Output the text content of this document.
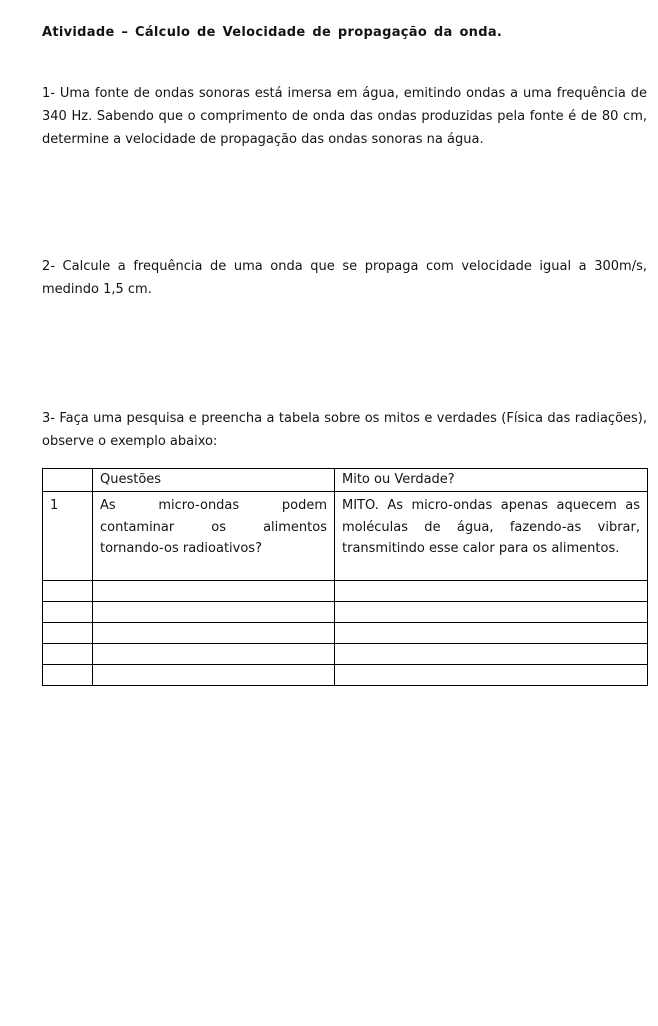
Atividade – Cálculo de Velocidade de propagação da onda.

1- Uma fonte de ondas sonoras está imersa em água, emitindo ondas a uma frequência de 340 Hz. Sabendo que o comprimento de onda das ondas produzidas pela fonte é de 80 cm, determine a velocidade de propagação das ondas sonoras na água.

2- Calcule a frequência de uma onda que se propaga com velocidade igual a 300m/s, medindo 1,5 cm.

3- Faça uma pesquisa e preencha a tabela sobre os mitos e verdades (Física das radiações), observe o exemplo abaixo:

	Questões	Mito ou Verdade?
1	As micro-ondas podem contaminar os alimentos tornando-os radioativos?	MITO. As micro-ondas apenas aquecem as moléculas de água, fazendo-as vibrar, transmitindo esse calor para os alimentos.
